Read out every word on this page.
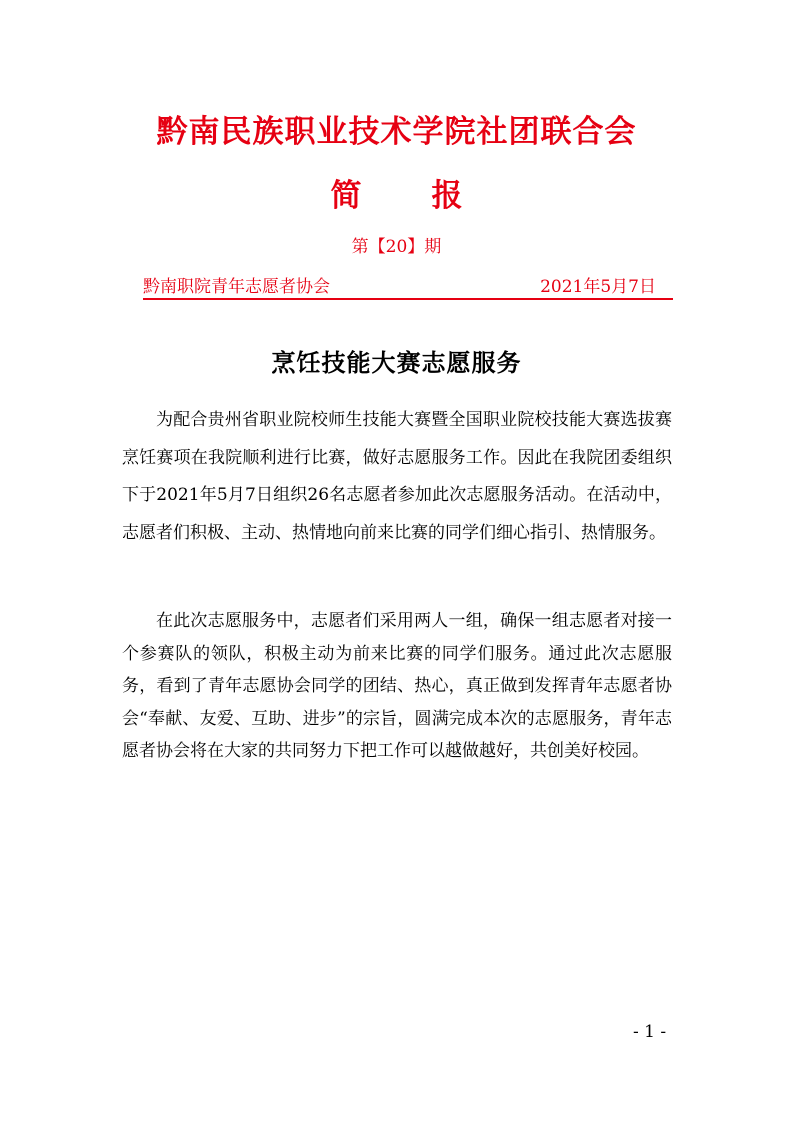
黔南民族职业技术学院社团联合会
简 报
第【20】期
黔南职院青年志愿者协会	2021年5月7日
烹饪技能大赛志愿服务

为配合贵州省职业院校师生技能大赛暨全国职业院校技能大赛选拔赛烹饪赛项在我院顺利进行比赛，做好志愿服务工作。因此在我院团委组织下于2021年5月7日组织26名志愿者参加此次志愿服务活动。在活动中，志愿者们积极、主动、热情地向前来比赛的同学们细心指引、热情服务。

在此次志愿服务中，志愿者们采用两人一组，确保一组志愿者对接一个参赛队的领队，积极主动为前来比赛的同学们服务。通过此次志愿服务，看到了青年志愿协会同学的团结、热心，真正做到发挥青年志愿者协会“奉献、友爱、互助、进步”的宗旨，圆满完成本次的志愿服务，青年志愿者协会将在大家的共同努力下把工作可以越做越好，共创美好校园。

- 1 -
